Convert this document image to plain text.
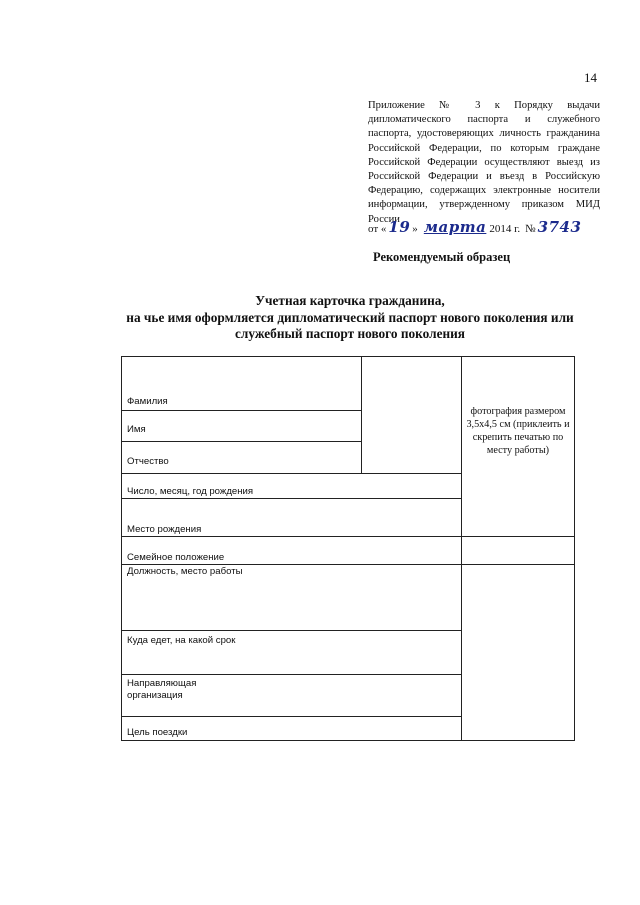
14
Приложение № 3 к Порядку выдачи дипломатического паспорта и служебного паспорта, удостоверяющих личность гражданина Российской Федерации, по которым граждане Российской Федерации осуществляют выезд из Российской Федерации и въезд в Российскую Федерацию, содержащих электронные носители информации, утвержденному приказом МИД России
от « 19 » марта 2014 г. № 3743
Рекомендуемый образец
Учетная карточка гражданина,
на чье имя оформляется дипломатический паспорт нового поколения или
служебный паспорт нового поколения
Фамилия
Имя
Отчество
Число, месяц, год рождения
Место рождения
Семейное положение
Должность, место работы
Куда едет, на какой срок
Направляющая организация
Цель поездки
фотография размером 3,5х4,5 см (приклеить и скрепить печатью по месту работы)
